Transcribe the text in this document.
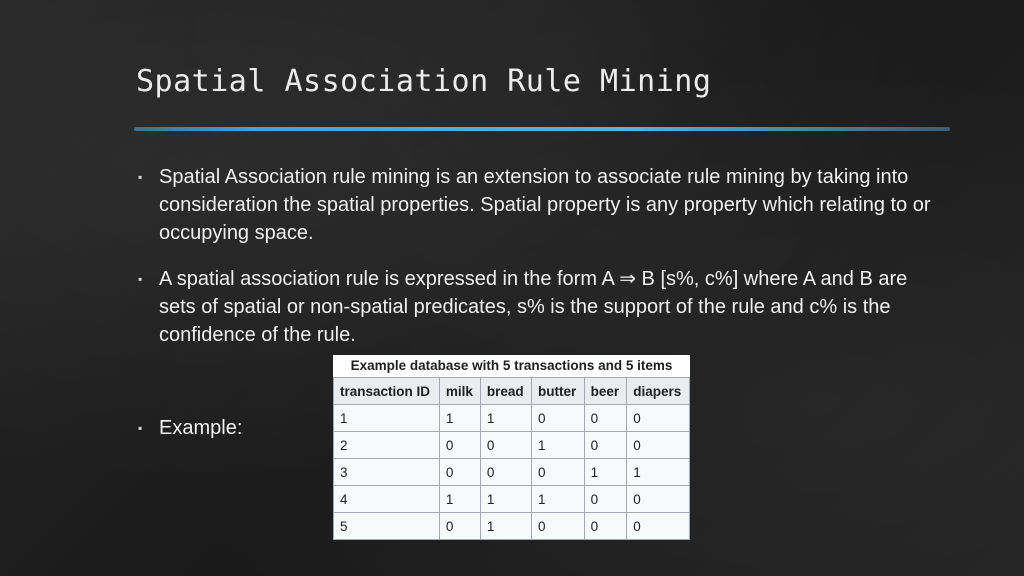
Spatial Association Rule Mining
▪ Spatial Association rule mining is an extension to associate rule mining by taking into consideration the spatial properties. Spatial property is any property which relating to or occupying space.
▪ A spatial association rule is expressed in the form A ⇒ B [s%, c%] where A and B are sets of spatial or non-spatial predicates, s% is the support of the rule and c% is the confidence of the rule.
▪ Example:
Example database with 5 transactions and 5 items
transaction ID	milk	bread	butter	beer	diapers
1	1	1	0	0	0
2	0	0	1	0	0
3	0	0	0	1	1
4	1	1	1	0	0
5	0	1	0	0	0
